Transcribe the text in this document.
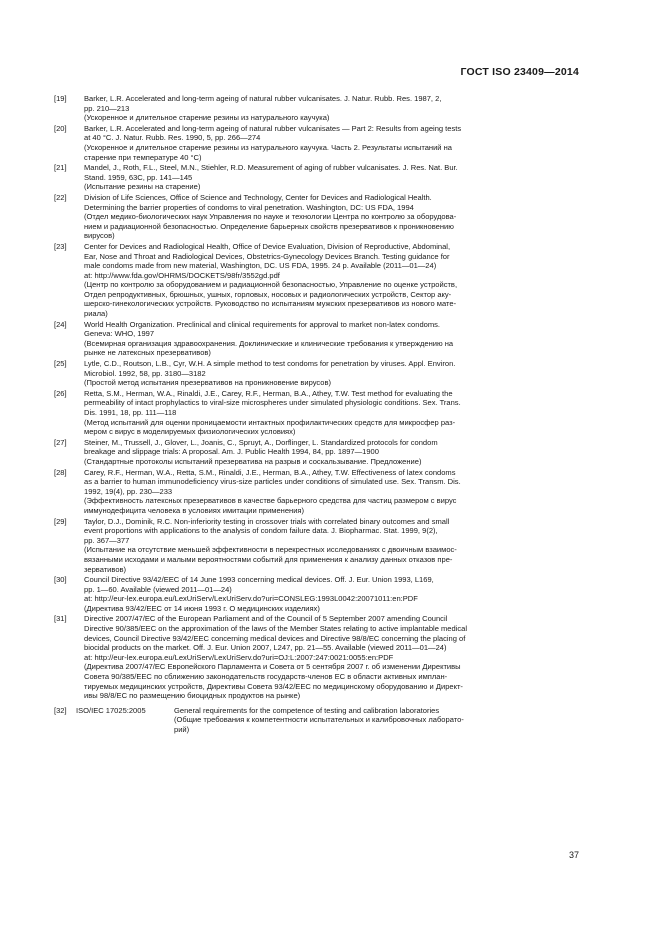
ГОСТ ISO 23409—2014
[19]	Barker, L.R. Accelerated and long-term ageing of natural rubber vulcanisates. J. Natur. Rubb. Res. 1987, 2,
pp. 210—213
(Ускоренное и длительное старение резины из натурального каучука)
[20]	Barker, L.R. Accelerated and long-term ageing of natural rubber vulcanisates — Part 2: Results from ageing tests
at 40 °C. J. Natur. Rubb. Res. 1990, 5, pp. 266—274
(Ускоренное и длительное старение резины из натурального каучука. Часть 2. Результаты испытаний на
старение при температуре 40 °C)
[21]	Mandel, J., Roth, F.L., Steel, M.N., Stiehler, R.D. Measurement of aging of rubber vulcanisates. J. Res. Nat. Bur.
Stand. 1959, 63C, pp. 141—145
(Испытание резины на старение)
[22]	Division of Life Sciences, Office of Science and Technology, Center for Devices and Radiological Health.
Determining the barrier properties of condoms to viral penetration. Washington, DC: US FDA, 1994
(Отдел медико-биологических наук Управления по науке и технологии Центра по контролю за оборудова-
нием и радиационной безопасностью. Определение барьерных свойств презервативов к проникновению
вирусов)
[23]	Center for Devices and Radiological Health, Office of Device Evaluation, Division of Reproductive, Abdominal,
Ear, Nose and Throat and Radiological Devices, Obstetrics-Gynecology Devices Branch. Testing guidance for
male condoms made from new material, Washington, DC. US FDA, 1995. 24 p. Available (2011—01—24)
at: http://www.fda.gov/OHRMS/DOCKETS/98fr/3552gd.pdf
(Центр по контролю за оборудованием и радиационной безопасностью, Управление по оценке устройств,
Отдел репродуктивных, брюшных, ушных, горловых, носовых и радиологических устройств, Сектор аку-
шерско-гинекологических устройств. Руководство по испытаниям мужских презервативов из нового мате-
риала)
[24]	World Health Organization. Preclinical and clinical requirements for approval to market non-latex condoms.
Geneva: WHO, 1997
(Всемирная организация здравоохранения. Доклинические и клинические требования к утверждению на
рынке не латексных презервативов)
[25]	Lytle, C.D., Routson, L.B., Cyr, W.H. A simple method to test condoms for penetration by viruses. Appl. Environ.
Microbiol. 1992, 58, pp. 3180—3182
(Простой метод испытания презервативов на проникновение вирусов)
[26]	Retta, S.M., Herman, W.A., Rinaldi, J.E., Carey, R.F., Herman, B.A., Athey, T.W. Test method for evaluating the
permeability of intact prophylactics to viral-size microspheres under simulated physiologic conditions. Sex. Trans.
Dis. 1991, 18, pp. 111—118
(Метод испытаний для оценки проницаемости интактных профилактических средств для микросфер раз-
мером с вирус в моделируемых физиологических условиях)
[27]	Steiner, M., Trussell, J., Glover, L., Joanis, C., Spruyt, A., Dorflinger, L. Standardized protocols for condom
breakage and slippage trials: A proposal. Am. J. Public Health 1994, 84, pp. 1897—1900
(Стандартные протоколы испытаний презерватива на разрыв и соскальзывание. Предложение)
[28]	Carey, R.F., Herman, W.A., Retta, S.M., Rinaldi, J.E., Herman, B.A., Athey, T.W. Effectiveness of latex condoms
as a barrier to human immunodeficiency virus-size particles under conditions of simulated use. Sex. Transm. Dis.
1992, 19(4), pp. 230—233
(Эффективность латексных презервативов в качестве барьерного средства для частиц размером с вирус
иммунодефицита человека в условиях имитации применения)
[29]	Taylor, D.J., Dominik, R.C. Non-inferiority testing in crossover trials with correlated binary outcomes and small
event proportions with applications to the analysis of condom failure data. J. Biopharmac. Stat. 1999, 9(2),
pp. 367—377
(Испытание на отсутствие меньшей эффективности в перекрестных исследованиях с двоичным взаимос-
вязанными исходами и малыми вероятностями событий для применения к анализу данных отказов пре-
зервативов)
[30]	Council Directive 93/42/EEC of 14 June 1993 concerning medical devices. Off. J. Eur. Union 1993, L169,
pp. 1—60. Available (viewed 2011—01—24)
at: http://eur-lex.europa.eu/LexUriServ/LexUriServ.do?uri=CONSLEG:1993L0042:20071011:en:PDF
(Директива 93/42/EEC от 14 июня 1993 г. О медицинских изделиях)
[31]	Directive 2007/47/EC of the European Parliament and of the Council of 5 September 2007 amending Council
Directive 90/385/EEC on the approximation of the laws of the Member States relating to active implantable medical
devices, Council Directive 93/42/EEC concerning medical devices and Directive 98/8/EC concerning the placing of
biocidal products on the market. Off. J. Eur. Union 2007, L247, pp. 21—55. Available (viewed 2011—01—24)
at: http://eur-lex.europa.eu/LexUriServ/LexUriServ.do?uri=OJ:L:2007:247:0021:0055:en:PDF
(Директива 2007/47/EC Европейского Парламента и Совета от 5 сентября 2007 г. об изменении Директивы
Совета 90/385/EEC по сближению законодательств государств-членов ЕС в области активных имплан-
тируемых медицинских устройств, Директивы Совета 93/42/EEC по медицинскому оборудованию и Директ-
ивы 98/8/EC по размещению биоцидных продуктов на рынке)
[32]	ISO/IEC 17025:2005	General requirements for the competence of testing and calibration laboratories
(Общие требования к компетентности испытательных и калибровочных лаборато-
рий)
37
